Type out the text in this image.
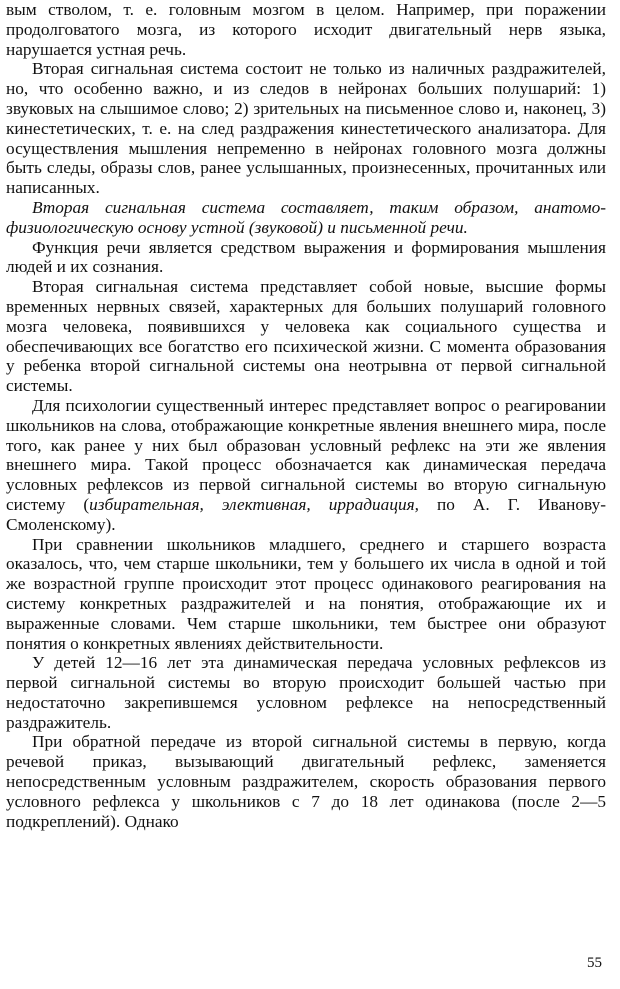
вым стволом, т. е. головным мозгом в целом. Например, при поражении продолговатого мозга, из которого исходит двигательный нерв языка, нарушается устная речь.

Вторая сигнальная система состоит не только из наличных раздражителей, но, что особенно важно, и из следов в нейронах больших полушарий: 1) звуковых на слышимое слово; 2) зрительных на письменное слово и, наконец, 3) кинестетических, т. е. на след раздражения кинестетического анализатора. Для осуществления мышления непременно в нейронах головного мозга должны быть следы, образы слов, ранее услышанных, произнесенных, прочитанных или написанных.

Вторая сигнальная система составляет, таким образом, анатомо-физиологическую основу устной (звуковой) и письменной речи.

Функция речи является средством выражения и формирования мышления людей и их сознания.

Вторая сигнальная система представляет собой новые, высшие формы временных нервных связей, характерных для больших полушарий головного мозга человека, появившихся у человека как социального существа и обеспечивающих все богатство его психической жизни. С момента образования у ребенка второй сигнальной системы она неотрывна от первой сигнальной системы.

Для психологии существенный интерес представляет вопрос о реагировании школьников на слова, отображающие конкретные явления внешнего мира, после того, как ранее у них был образован условный рефлекс на эти же явления внешнего мира. Такой процесс обозначается как динамическая передача условных рефлексов из первой сигнальной системы во вторую сигнальную систему (избирательная, элективная, иррадиация, по А. Г. Иванову-Смоленскому).

При сравнении школьников младшего, среднего и старшего возраста оказалось, что, чем старше школьники, тем у большего их числа в одной и той же возрастной группе происходит этот процесс одинакового реагирования на систему конкретных раздражителей и на понятия, отображающие их и выраженные словами. Чем старше школьники, тем быстрее они образуют понятия о конкретных явлениях действительности.

У детей 12—16 лет эта динамическая передача условных рефлексов из первой сигнальной системы во вторую происходит большей частью при недостаточно закрепившемся условном рефлексе на непосредственный раздражитель.

При обратной передаче из второй сигнальной системы в первую, когда речевой приказ, вызывающий двигательный рефлекс, заменяется непосредственным условным раздражителем, скорость образования первого условного рефлекса у школьников с 7 до 18 лет одинакова (после 2—5 подкреплений). Однако

55
